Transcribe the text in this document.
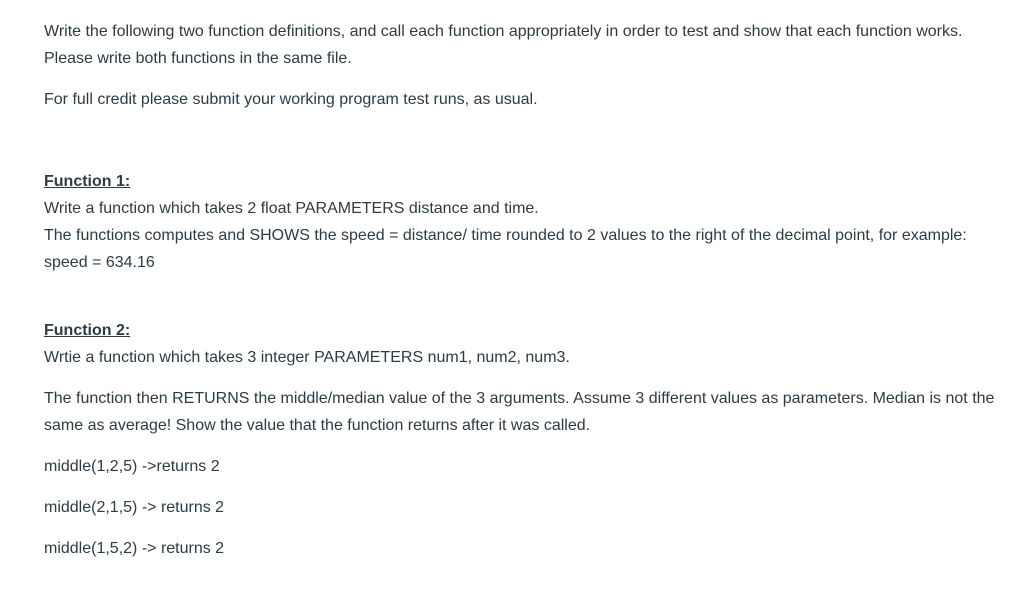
Write the following two function definitions, and call each function appropriately in order to test and show that each function works. Please write both functions in the same file.

For full credit please submit your working program test runs, as usual.

Function 1:

Write a function which takes 2 float PARAMETERS distance and time.

The functions computes and SHOWS the speed = distance/ time rounded to 2 values to the right of the decimal point, for example: speed = 634.16

Function 2:

Wrtie a function which takes 3 integer PARAMETERS num1, num2, num3.

The function then RETURNS the middle/median value of the 3 arguments. Assume 3 different values as parameters. Median is not the same as average! Show the value that the function returns after it was called.

middle(1,2,5) ->returns 2

middle(2,1,5) -> returns 2

middle(1,5,2) -> returns 2
